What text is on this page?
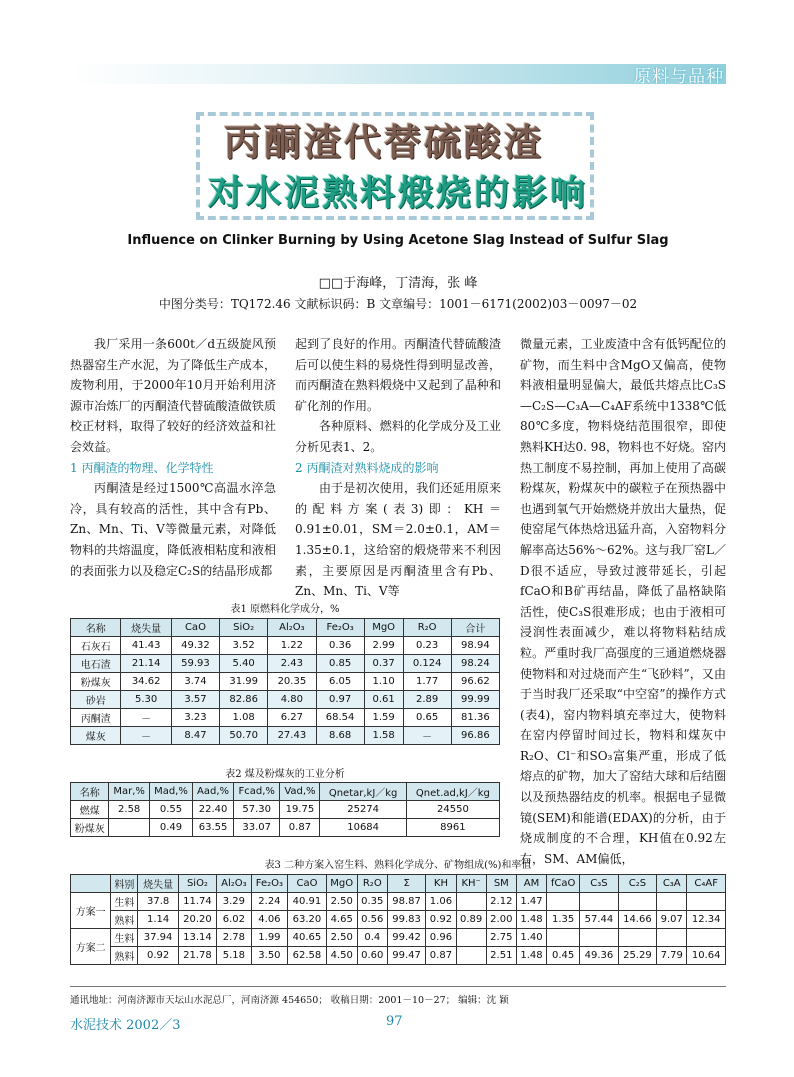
原料与品种
丙酮渣代替硫酸渣
对水泥熟料煅烧的影响
Influence on Clinker Burning by Using Acetone Slag Instead of Sulfur Slag
□□于海峰，丁清海，张 峰
中图分类号：TQ172.46 文献标识码：B 文章编号：1001－6171(2002)03－0097－02

我厂采用一条600t／d五级旋风预热器窑生产水泥，为了降低生产成本，废物利用，于2000年10月开始利用济源市冶炼厂的丙酮渣代替硫酸渣做铁质校正材料，取得了较好的经济效益和社会效益。

1 丙酮渣的物理、化学特性

丙酮渣是经过1500℃高温水淬急冷，具有较高的活性，其中含有Pb、Zn、Mn、Ti、V等微量元素，对降低物料的共熔温度，降低液相粘度和液相的表面张力以及稳定C₂S的结晶形成都

起到了良好的作用。丙酮渣代替硫酸渣后可以使生料的易烧性得到明显改善，而丙酮渣在熟料煅烧中又起到了晶种和矿化剂的作用。

各种原料、燃料的化学成分及工业分析见表1、2。

2 丙酮渣对熟料烧成的影响

由于是初次使用，我们还延用原来的配料方案(表3)即：KH＝0.91±0.01，SM＝2.0±0.1，AM＝1.35±0.1，这给窑的煅烧带来不利因素，主要原因是丙酮渣里含有Pb、Zn、Mn、Ti、V等

微量元素，工业废渣中含有低钙配位的矿物，而生料中含MgO又偏高，使物料液相量明显偏大，最低共熔点比C₃S—C₂S—C₃A—C₄AF系统中1338℃低80℃多度，物料烧结范围很窄，即使熟料KH达0. 98，物料也不好烧。窑内热工制度不易控制，再加上使用了高碳粉煤灰，粉煤灰中的碳粒子在预热器中也遇到氧气开始燃烧并放出大量热，促使窑尾气体热焓迅猛升高，入窑物料分解率高达56%～62%。这与我厂窑L／D很不适应，导致过渡带延长，引起fCaO和B矿再结晶，降低了晶格缺陷活性，使C₃S很难形成；也由于液相可浸润性表面减少，难以将物料粘结成粒。严重时我厂高强度的三通道燃烧器使物料和对过烧而产生“飞砂料”，又由于当时我厂还采取“中空窑”的操作方式(表4)，窑内物料填充率过大，使物料在窑内停留时间过长，物料和煤灰中R₂O、Cl⁻和SO₃富集严重，形成了低熔点的矿物，加大了窑结大球和后结圈以及预热器结皮的机率。根据电子显微镜(SEM)和能谱(EDAX)的分析，由于烧成制度的不合理，KH值在0.92左右，SM、AM偏低，

表1 原燃料化学成分，%
名称	烧失量	CaO	SiO₂	Al₂O₃	Fe₂O₃	MgO	R₂O	合计
石灰石	41.43	49.32	3.52	1.22	0.36	2.99	0.23	98.94
电石渣	21.14	59.93	5.40	2.43	0.85	0.37	0.124	98.24
粉煤灰	34.62	3.74	31.99	20.35	6.05	1.10	1.77	96.62
砂岩	5.30	3.57	82.86	4.80	0.97	0.61	2.89	99.99
丙酮渣	－	3.23	1.08	6.27	68.54	1.59	0.65	81.36
煤灰	－	8.47	50.70	27.43	8.68	1.58	－	96.86
表2 煤及粉煤灰的工业分析
名称	Mar,%	Mad,%	Aad,%	Fcad,%	Vad,%	Qnetar,kJ／kg	Qnet.ad,kJ／kg
燃煤	2.58	0.55	22.40	57.30	19.75	25274	24550
粉煤灰		0.49	63.55	33.07	0.87	10684	8961
表3 二种方案入窑生料、熟料化学成分、矿物组成(%)和率值
	料别	烧失量	SiO₂	Al₂O₃	Fe₂O₃	CaO	MgO	R₂O	Σ	KH	KH⁻	SM	AM	fCaO	C₃S	C₂S	C₃A	C₄AF
方案一	生料	37.8	11.74	3.29	2.24	40.91	2.50	0.35	98.87	1.06		2.12	1.47					
	熟料	1.14	20.20	6.02	4.06	63.20	4.65	0.56	99.83	0.92	0.89	2.00	1.48	1.35	57.44	14.66	9.07	12.34
方案二	生料	37.94	13.14	2.78	1.99	40.65	2.50	0.4	99.42	0.96		2.75	1.40					
	熟料	0.92	21.78	5.18	3.50	62.58	4.50	0.60	99.47	0.87		2.51	1.48	0.45	49.36	25.29	7.79	10.64
通讯地址：河南济源市天坛山水泥总厂，河南济源 454650； 收稿日期：2001－10－27； 编辑：沈 颖
水泥技术 2002／3	97
